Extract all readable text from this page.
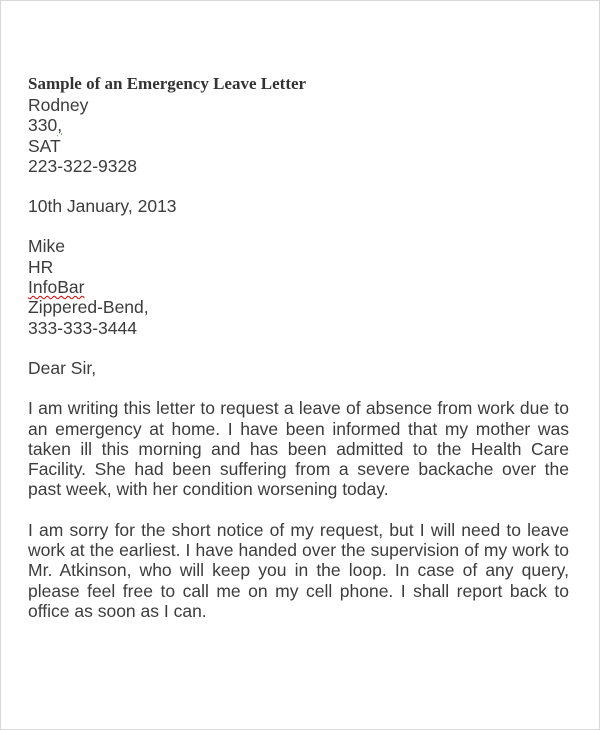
Sample of an Emergency Leave Letter
Rodney
330,
SAT
223-322-9328
10th January, 2013
Mike
HR
InfoBar
Zippered-Bend,
333-333-3444
Dear Sir,
I am writing this letter to request a leave of absence from work due to an emergency at home. I have been informed that my mother was taken ill this morning and has been admitted to the Health Care Facility. She had been suffering from a severe backache over the past week, with her condition worsening today.
I am sorry for the short notice of my request, but I will need to leave work at the earliest. I have handed over the supervision of my work to Mr. Atkinson, who will keep you in the loop. In case of any query, please feel free to call me on my cell phone. I shall report back to office as soon as I can.
